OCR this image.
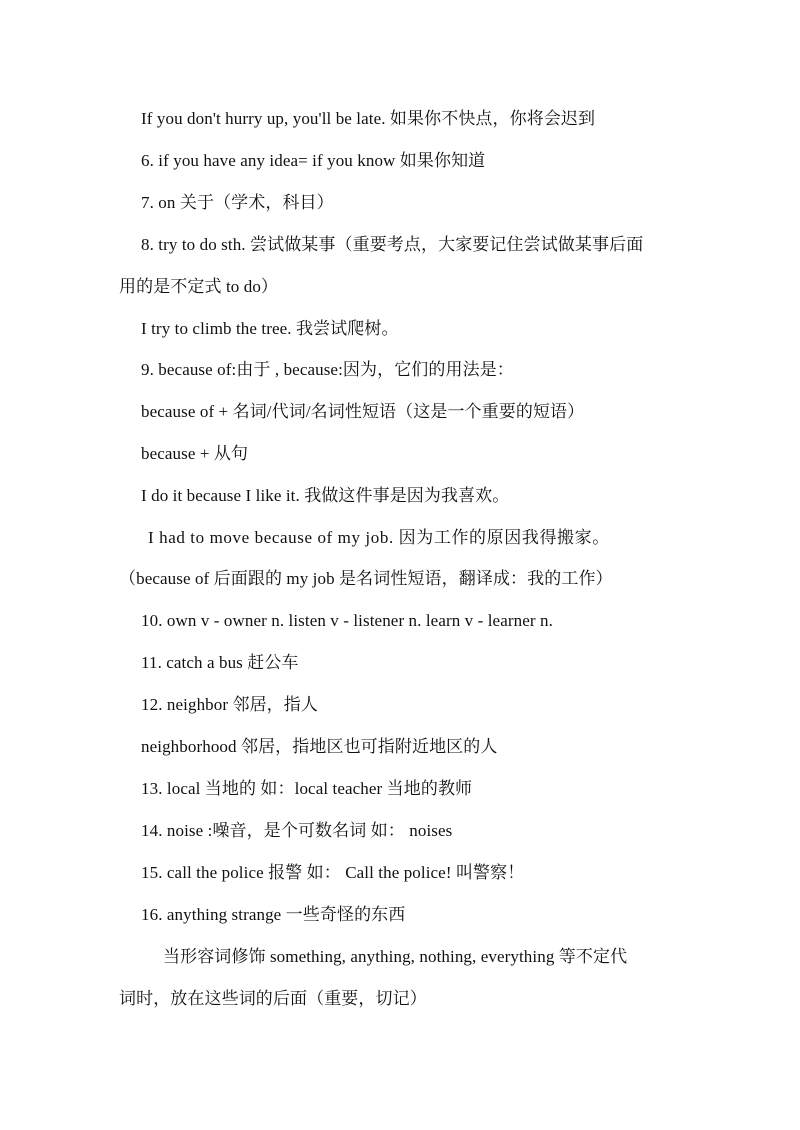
If you don't hurry up, you'll be late. 如果你不快点，你将会迟到
6. if you have any idea= if you know 如果你知道
7. on 关于（学术，科目）
8. try to do sth. 尝试做某事（重要考点，大家要记住尝试做某事后面
用的是不定式 to do）
I try to climb the tree. 我尝试爬树。
9. because of:由于 , because:因为，它们的用法是：
because of + 名词/代词/名词性短语（这是一个重要的短语）
because + 从句
I do it because I like it. 我做这件事是因为我喜欢。
I had to move because of my job. 因为工作的原因我得搬家。
（because of 后面跟的 my job 是名词性短语，翻译成：我的工作）
10. own v - owner n. listen v - listener n. learn v - learner n.
11. catch a bus 赶公车
12. neighbor 邻居，指人
neighborhood 邻居，指地区也可指附近地区的人
13. local 当地的 如：local teacher 当地的教师
14. noise :噪音，是个可数名词 如： noises
15. call the police 报警 如： Call the police! 叫警察！
16. anything strange 一些奇怪的东西
当形容词修饰 something, anything, nothing, everything 等不定代
词时，放在这些词的后面（重要，切记）
